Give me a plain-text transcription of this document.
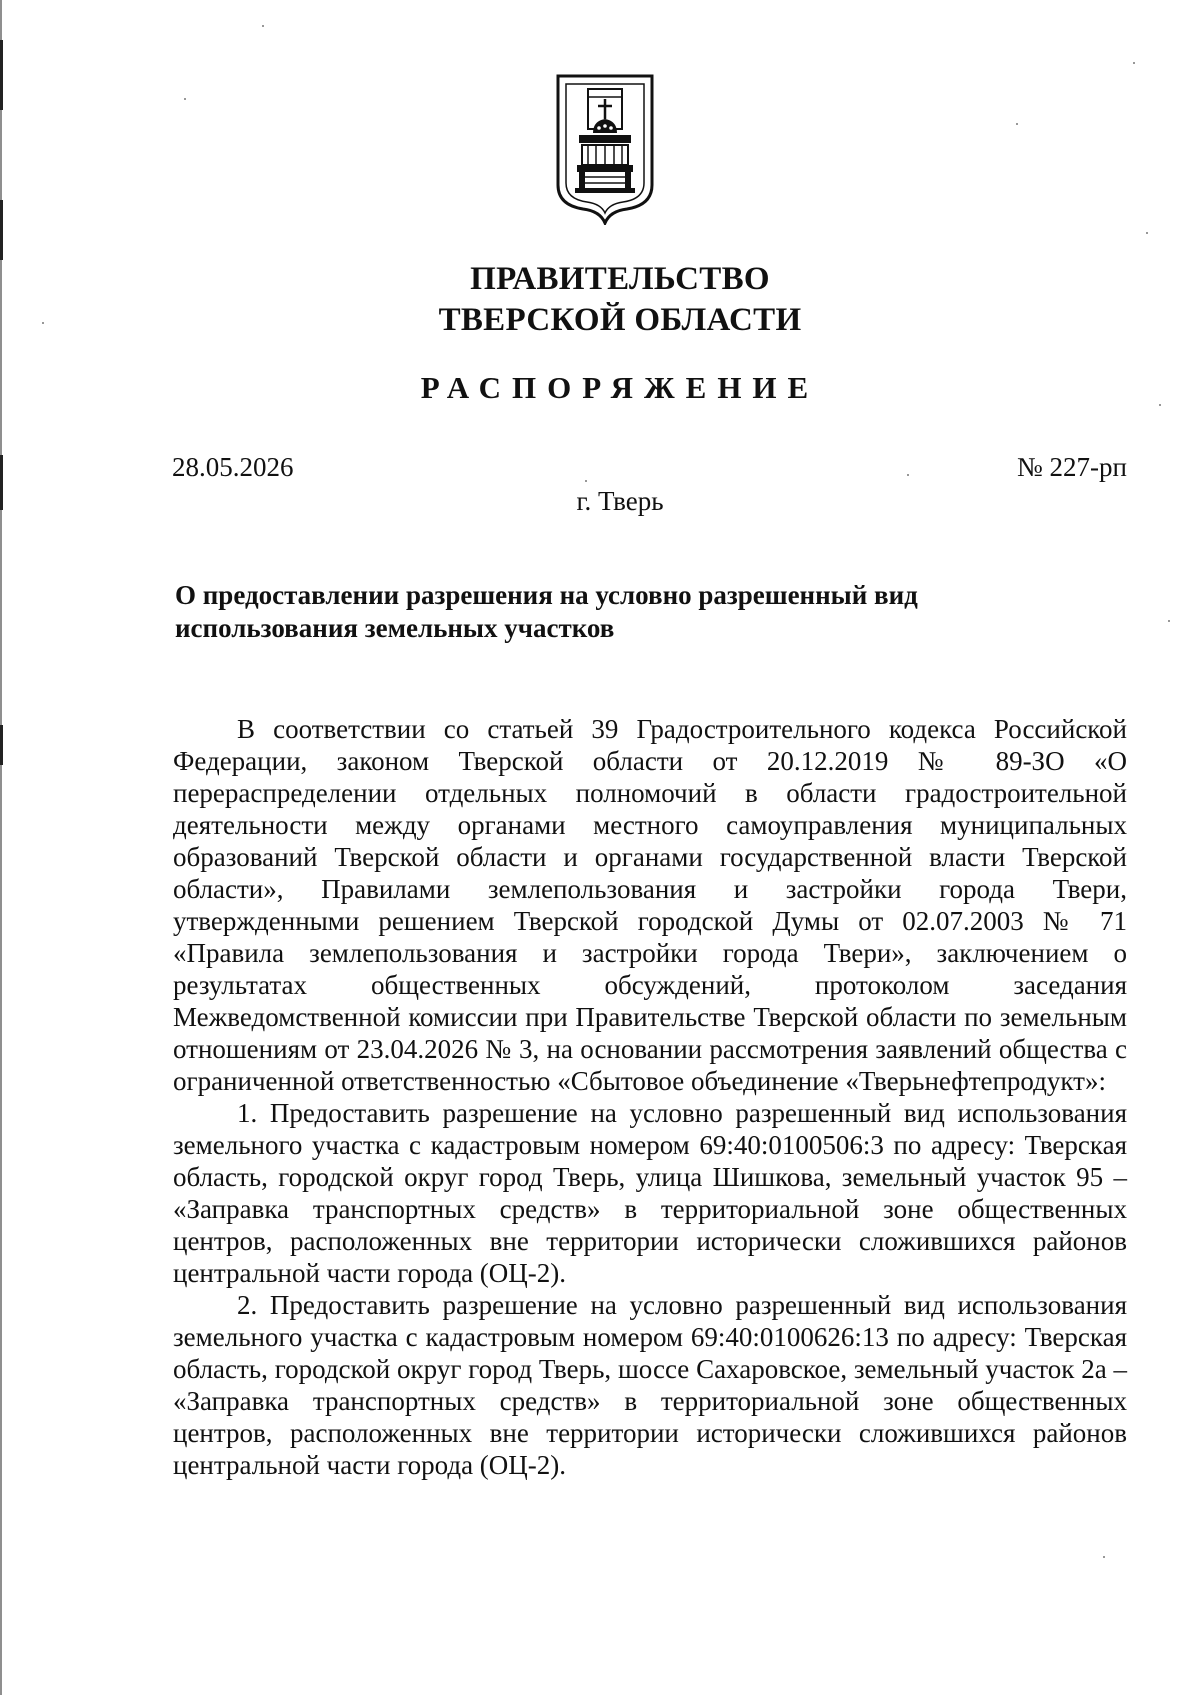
ПРАВИТЕЛЬСТВО
ТВЕРСКОЙ ОБЛАСТИ
РАСПОРЯЖЕНИЕ
28.05.2026	№ 227-рп
г. Тверь
О предоставлении разрешения на условно разрешенный вид
использования земельных участков

В соответствии со статьей 39 Градостроительного кодекса Российской Федерации, законом Тверской области от 20.12.2019 № 89-ЗО «О перераспределении отдельных полномочий в области градостроительной деятельности между органами местного самоуправления муниципальных образований Тверской области и органами государственной власти Тверской области», Правилами землепользования и застройки города Твери, утвержденными решением Тверской городской Думы от 02.07.2003 № 71 «Правила землепользования и застройки города Твери», заключением о результатах общественных обсуждений, протоколом заседания Межведомственной комиссии при Правительстве Тверской области по земельным отношениям от 23.04.2026 № 3, на основании рассмотрения заявлений общества с ограниченной ответственностью «Сбытовое объединение «Тверьнефтепродукт»:

1. Предоставить разрешение на условно разрешенный вид использования земельного участка с кадастровым номером 69:40:0100506:3 по адресу: Тверская область, городской округ город Тверь, улица Шишкова, земельный участок 95 – «Заправка транспортных средств» в территориальной зоне общественных центров, расположенных вне территории исторически сложившихся районов центральной части города (ОЦ-2).

2. Предоставить разрешение на условно разрешенный вид использования земельного участка с кадастровым номером 69:40:0100626:13 по адресу: Тверская область, городской округ город Тверь, шоссе Сахаровское, земельный участок 2а – «Заправка транспортных средств» в территориальной зоне общественных центров, расположенных вне территории исторически сложившихся районов центральной части города (ОЦ-2).
